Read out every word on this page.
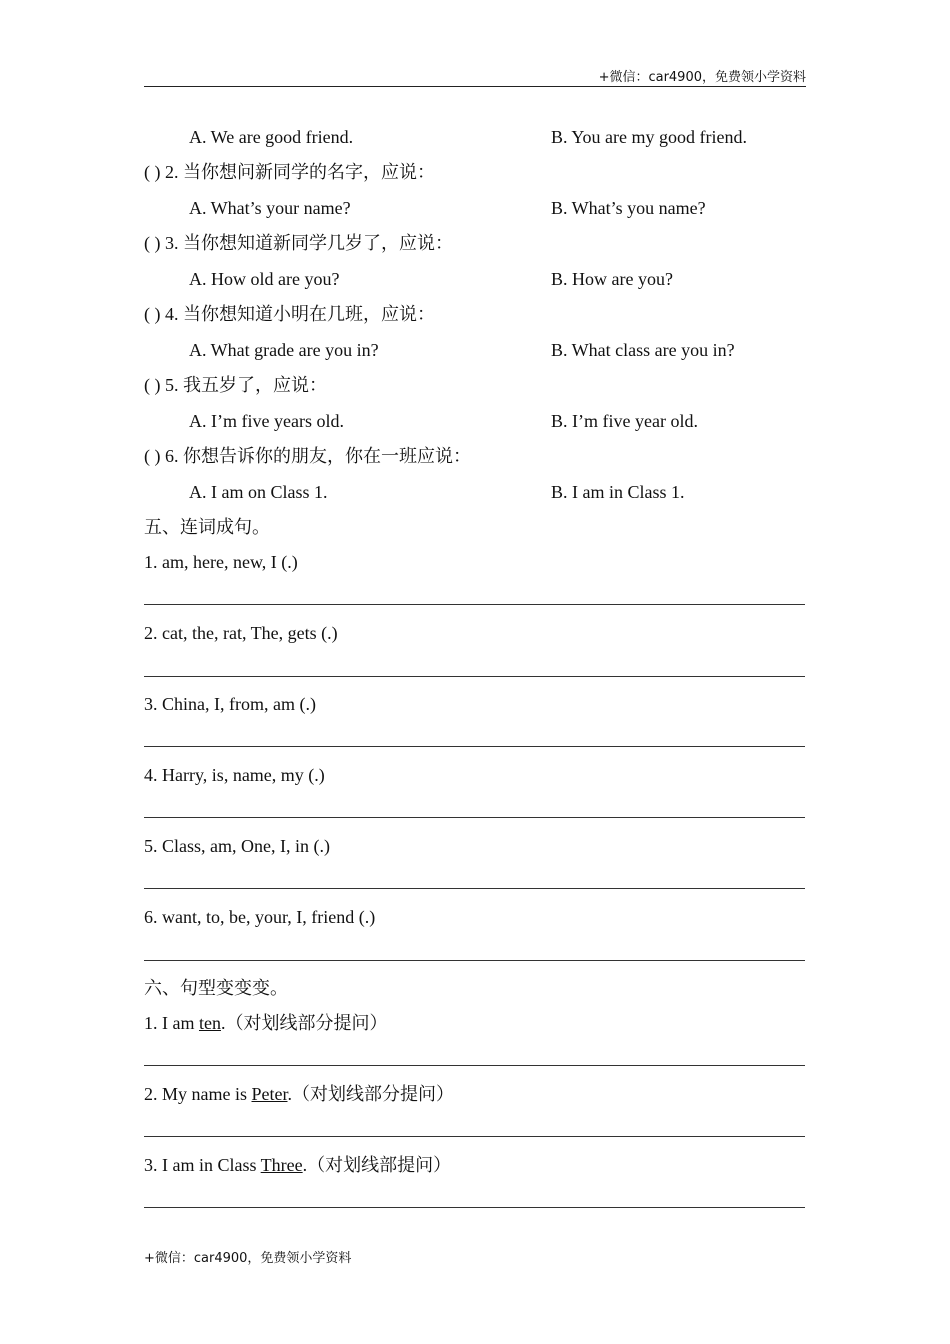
+微信：car4900，免费领小学资料
A. We are good friend.	B. You are my good friend.
( ) 2. 当你想问新同学的名字，应说：
A. What’s your name?	B. What’s you name?
( ) 3. 当你想知道新同学几岁了，应说：
A. How old are you?	B. How are you?
( ) 4. 当你想知道小明在几班，应说：
A. What grade are you in?	B. What class are you in?
( ) 5. 我五岁了，应说：
A. I’m five years old.	B. I’m five year old.
( ) 6. 你想告诉你的朋友，你在一班应说：
A. I am on Class 1.	B. I am in Class 1.
五、连词成句。
1. am, here, new, I (.)
2. cat, the, rat, The, gets (.)
3. China, I, from, am (.)
4. Harry, is, name, my (.)
5. Class, am, One, I, in (.)
6. want, to, be, your, I, friend (.)
六、句型变变变。
1. I am ten.（对划线部分提问）
2. My name is Peter.（对划线部分提问）
3. I am in Class Three.（对划线部提问）
+微信：car4900，免费领小学资料
